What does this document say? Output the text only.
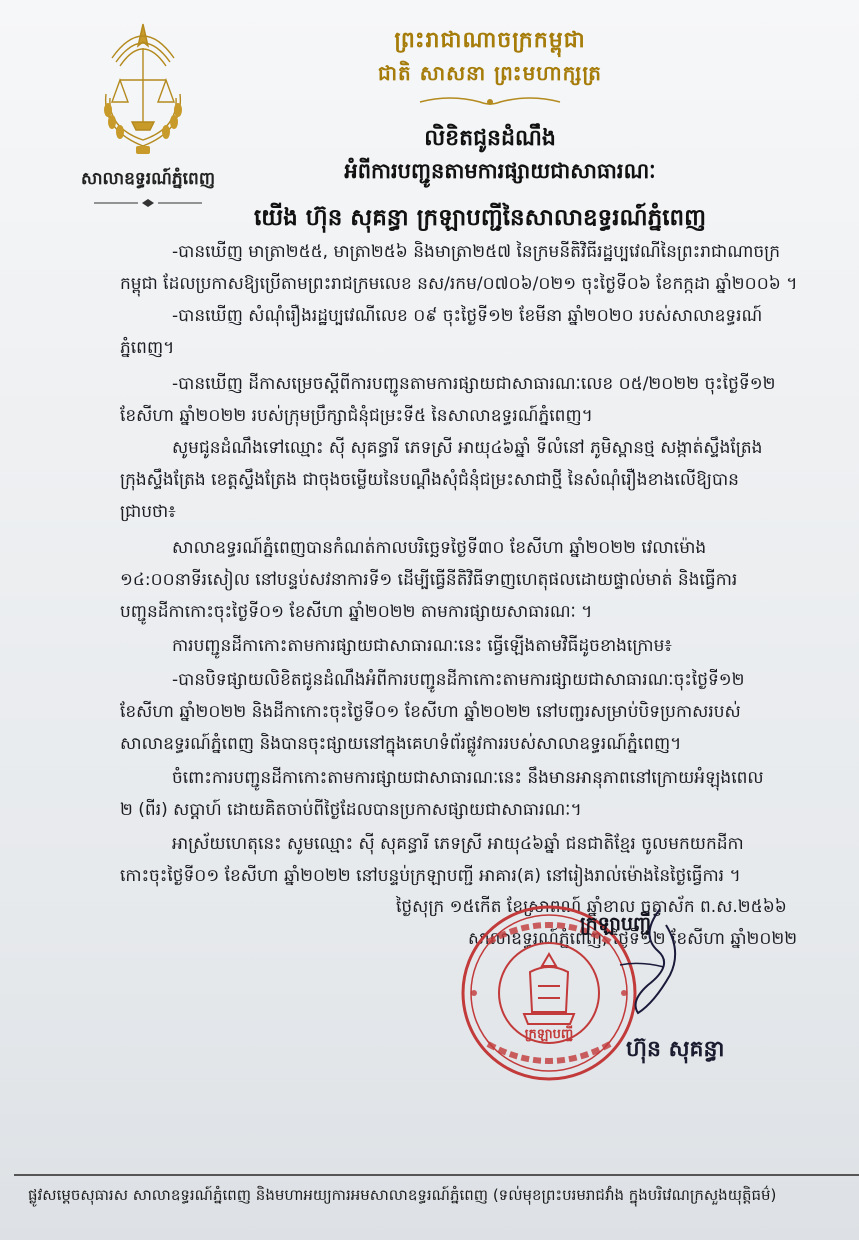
សាលាឧទ្ធរណ៍ភ្នំពេញ
ព្រះរាជាណាចក្រកម្ពុជា
ជាតិ សាសនា ព្រះមហាក្សត្រ
លិខិតជូនដំណឹង
អំពីការបញ្ជូនតាមការផ្សាយជាសាធារណៈ
យើង ហ៊ុន សុគន្ធា ក្រឡាបញ្ជីនៃសាលាឧទ្ធរណ៍ភ្នំពេញ
-បានឃើញ មាត្រា២៥៥, មាត្រា២៥៦ និងមាត្រា២៥៧ នៃក្រមនីតិវិធីរដ្ឋប្បវេណីនៃព្រះរាជាណាចក្រ
កម្ពុជា ដែលប្រកាសឱ្យប្រើតាមព្រះរាជក្រមលេខ នស/រកម/០៧០៦/០២១ ចុះថ្ងៃទី០៦ ខែកក្កដា ឆ្នាំ២០០៦ ។
-បានឃើញ សំណុំរឿងរដ្ឋប្បវេណីលេខ ០៩ ចុះថ្ងៃទី១២ ខែមីនា ឆ្នាំ២០២០ របស់សាលាឧទ្ធរណ៍
ភ្នំពេញ។
-បានឃើញ ដីកាសម្រេចស្ដីពីការបញ្ជូនតាមការផ្សាយជាសាធារណៈលេខ ០៥/២០២២ ចុះថ្ងៃទី១២
ខែសីហា ឆ្នាំ២០២២ របស់ក្រុមប្រឹក្សាជំនុំជម្រះទី៥ នៃសាលាឧទ្ធរណ៍ភ្នំពេញ។
សូមជូនដំណឹងទៅឈ្មោះ ស៊ី សុគន្ធារី ភេទស្រី អាយុ៤៦ឆ្នាំ ទីលំនៅ ភូមិស្ពានថ្ម សង្កាត់ស្ទឹងត្រែង
ក្រុងស្ទឹងត្រែង ខេត្តស្ទឹងត្រែង ជាចុងចម្លើយនៃបណ្ដឹងសុំជំនុំជម្រះសាជាថ្មី នៃសំណុំរឿងខាងលើឱ្យបាន
ជ្រាបថា៖
សាលាឧទ្ធរណ៍ភ្នំពេញបានកំណត់កាលបរិច្ឆេទថ្ងៃទី៣០ ខែសីហា ឆ្នាំ២០២២ វេលាម៉ោង
១៤:០០នាទីរសៀល នៅបន្ទប់សវនាការទី១ ដើម្បីធ្វើនីតិវិធីទាញហេតុផលដោយផ្ទាល់មាត់ និងធ្វើការ
បញ្ជូនដីកាកោះចុះថ្ងៃទី០១ ខែសីហា ឆ្នាំ២០២២ តាមការផ្សាយសាធារណៈ ។
ការបញ្ជូនដីកាកោះតាមការផ្សាយជាសាធារណៈនេះ ធ្វើឡើងតាមវិធីដូចខាងក្រោម៖
-បានបិទផ្សាយលិខិតជូនដំណឹងអំពីការបញ្ជូនដីកាកោះតាមការផ្សាយជាសាធារណៈចុះថ្ងៃទី១២
ខែសីហា ឆ្នាំ២០២២ និងដីកាកោះចុះថ្ងៃទី០១ ខែសីហា ឆ្នាំ២០២២ នៅបញ្ជរសម្រាប់បិទប្រកាសរបស់
សាលាឧទ្ធរណ៍ភ្នំពេញ និងបានចុះផ្សាយនៅក្នុងគេហទំព័រផ្លូវការរបស់សាលាឧទ្ធរណ៍ភ្នំពេញ។
ចំពោះការបញ្ជូនដីកាកោះតាមការផ្សាយជាសាធារណៈនេះ នឹងមានអានុភាពនៅក្រោយអំឡុងពេល
២ (ពីរ) សប្ដាហ៍ ដោយគិតចាប់ពីថ្ងៃដែលបានប្រកាសផ្សាយជាសាធារណៈ។
អាស្រ័យហេតុនេះ សូមឈ្មោះ ស៊ី សុគន្ធារី ភេទស្រី អាយុ៤៦ឆ្នាំ ជនជាតិខ្មែរ ចូលមកយកដីកា
កោះចុះថ្ងៃទី០១ ខែសីហា ឆ្នាំ២០២២ នៅបន្ទប់ក្រឡាបញ្ជី អាគារ(គ) នៅរៀងរាល់ម៉ោងនៃថ្ងៃធ្វើការ ។
ថ្ងៃសុក្រ ១៥កើត ខែស្រាពណ៍ ឆ្នាំខាល ចត្វាស័ក ព.ស.២៥៦៦
សាលាឧទ្ធរណ៍ភ្នំពេញ, ថ្ងៃទី១២ ខែសីហា ឆ្នាំ២០២២
ក្រឡាបញ្ជី
ក្រឡាបញ្ជី
ហ៊ុន សុគន្ធា
ផ្លូវសម្ដេចសុធារស សាលាឧទ្ធរណ៍ភ្នំពេញ និងមហាអយ្យការអមសាលាឧទ្ធរណ៍ភ្នំពេញ (ទល់មុខព្រះបរមរាជវាំង ក្នុងបរិវេណក្រសួងយុត្តិធម៌)
